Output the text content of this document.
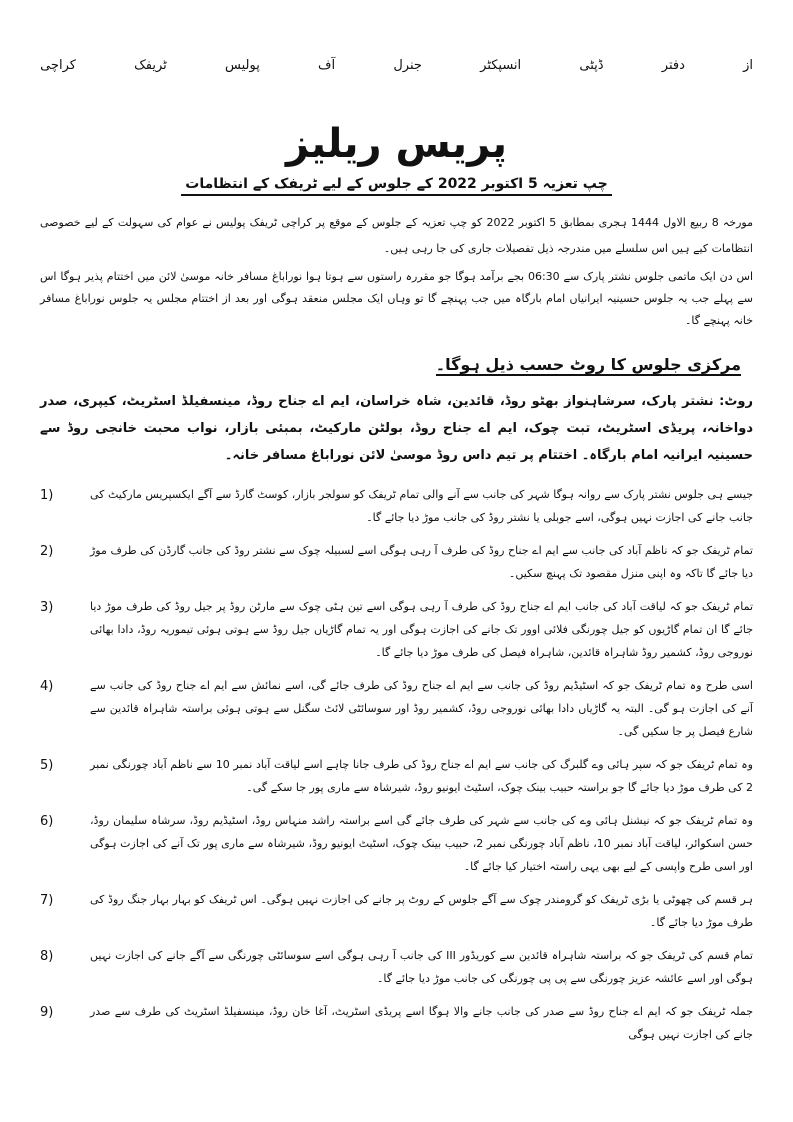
از
دفتر
ڈپٹی
انسپکٹر
جنرل
آف
پولیس
ٹریفک
کراچی
پریس ریلیز
چپ تعزیہ 5 اکتوبر 2022 کے جلوس کے لیے ٹریفک کے انتظامات
مورخہ 8 ربیع الاول 1444 ہجری بمطابق 5 اکتوبر 2022 کو چپ تعزیہ کے جلوس کے موقع پر کراچی ٹریفک پولیس نے عوام کی سہولت کے لیے خصوصی انتظامات کیے ہیں اس سلسلے میں مندرجہ ذیل تفصیلات جاری کی جا رہی ہیں۔
اس دن ایک ماتمی جلوس نشتر پارک سے 06:30 بجے برآمد ہوگا جو مقررہ راستوں سے ہوتا ہوا نوراباغ مسافر خانہ موسیٰ لائن میں اختتام پذیر ہوگا اس سے پہلے جب یہ جلوس حسینیہ ایرانیاں امام بارگاہ میں جب پہنچے گا تو وہاں ایک مجلس منعقد ہوگی اور بعد از اختتام مجلس یہ جلوس نوراباغ مسافر خانہ پہنچے گا۔
مرکزی جلوس کا روٹ حسب ذیل ہوگا۔
روٹ: نشتر پارک، سرشاہنواز بھٹو روڈ، قائدین، شاہ خراسان، ایم اے جناح روڈ، مینسفیلڈ اسٹریٹ، کیپری، صدر دواخانہ، پریڈی اسٹریٹ، تبت چوک، ایم اے جناح روڈ، بولٹن مارکیٹ، بمبئی بازار، نواب محبت خانجی روڈ سے حسینیہ ایرانیہ امام بارگاہ۔ اختتام پر تیم داس روڈ موسیٰ لائن نوراباغ مسافر خانہ۔
1)	جیسے ہی جلوس نشتر پارک سے روانہ ہوگا شہر کی جانب سے آنے والی تمام ٹریفک کو سولجر بازار، کوسٹ گارڈ سے آگے ایکسپریس مارکیٹ کی جانب جانے کی اجازت نہیں ہوگی، اسے جوبلی یا نشتر روڈ کی جانب موڑ دیا جائے گا۔
2)	تمام ٹریفک جو کہ ناظم آباد کی جانب سے ایم اے جناح روڈ کی طرف آ رہی ہوگی اسے لسبیلہ چوک سے نشتر روڈ کی جانب گارڈن کی طرف موڑ دیا جائے گا تاکہ وہ اپنی منزل مقصود تک پہنچ سکیں۔
3)	تمام ٹریفک جو کہ لیاقت آباد کی جانب ایم اے جناح روڈ کی طرف آ رہی ہوگی اسے تین ہٹی چوک سے مارٹن روڈ پر جیل روڈ کی طرف موڑ دیا جائے گا ان تمام گاڑیوں کو جیل چورنگی فلائی اوور تک جانے کی اجازت ہوگی اور یہ تمام گاڑیاں جیل روڈ سے ہوتی ہوئی تیموریہ روڈ، دادا بھائی نوروجی روڈ، کشمیر روڈ شاہراہ قائدین، شاہراہ فیصل کی طرف موڑ دیا جائے گا۔
4)	اسی طرح وہ تمام ٹریفک جو کہ اسٹیڈیم روڈ کی جانب سے ایم اے جناح روڈ کی طرف جائے گی، اسے نمائش سے ایم اے جناح روڈ کی جانب سے آنے کی اجازت ہو گی۔ البتہ یہ گاڑیاں دادا بھائی نوروجی روڈ، کشمیر روڈ اور سوسائٹی لائٹ سگنل سے ہوتی ہوئی براستہ شاہراہ قائدین سے شارع فیصل پر جا سکیں گی۔
5)	وہ تمام ٹریفک جو کہ سپر ہائی وے گلبرگ کی جانب سے ایم اے جناح روڈ کی طرف جانا چاہے اسے لیاقت آباد نمبر 10 سے ناظم آباد چورنگی نمبر 2 کی طرف موڑ دیا جائے گا جو براستہ حبیب بینک چوک، اسٹیٹ ایونیو روڈ، شیرشاہ سے ماری پور جا سکے گی۔
6)	وہ تمام ٹریفک جو کہ نیشنل ہائی وے کی جانب سے شہر کی طرف جائے گی اسے براستہ راشد منہاس روڈ، اسٹیڈیم روڈ، سرشاہ سلیمان روڈ، حسن اسکوائر، لیاقت آباد نمبر 10، ناظم آباد چورنگی نمبر 2، حبیب بینک چوک، اسٹیٹ ایونیو روڈ، شیرشاہ سے ماری پور تک آنے کی اجازت ہوگی اور اسی طرح واپسی کے لیے بھی یہی راستہ اختیار کیا جائے گا۔
7)	ہر قسم کی چھوٹی یا بڑی ٹریفک کو گرومندر چوک سے آگے جلوس کے روٹ پر جانے کی اجازت نہیں ہوگی۔ اس ٹریفک کو بہار بہار جنگ روڈ کی طرف موڑ دیا جائے گا۔
8)	تمام قسم کی ٹریفک جو کہ براستہ شاہراہ قائدین سے کوریڈور III کی جانب آ رہی ہوگی اسے سوسائٹی چورنگی سے آگے جانے کی اجازت نہیں ہوگی اور اسے عائشہ عزیز چورنگی سے پی پی چورنگی کی جانب موڑ دیا جائے گا۔
9)	جملہ ٹریفک جو کہ ایم اے جناح روڈ سے صدر کی جانب جانے والا ہوگا اسے پریڈی اسٹریٹ، آغا خان روڈ، مینسفیلڈ اسٹریٹ کی طرف سے صدر جانے کی اجازت نہیں ہوگی
